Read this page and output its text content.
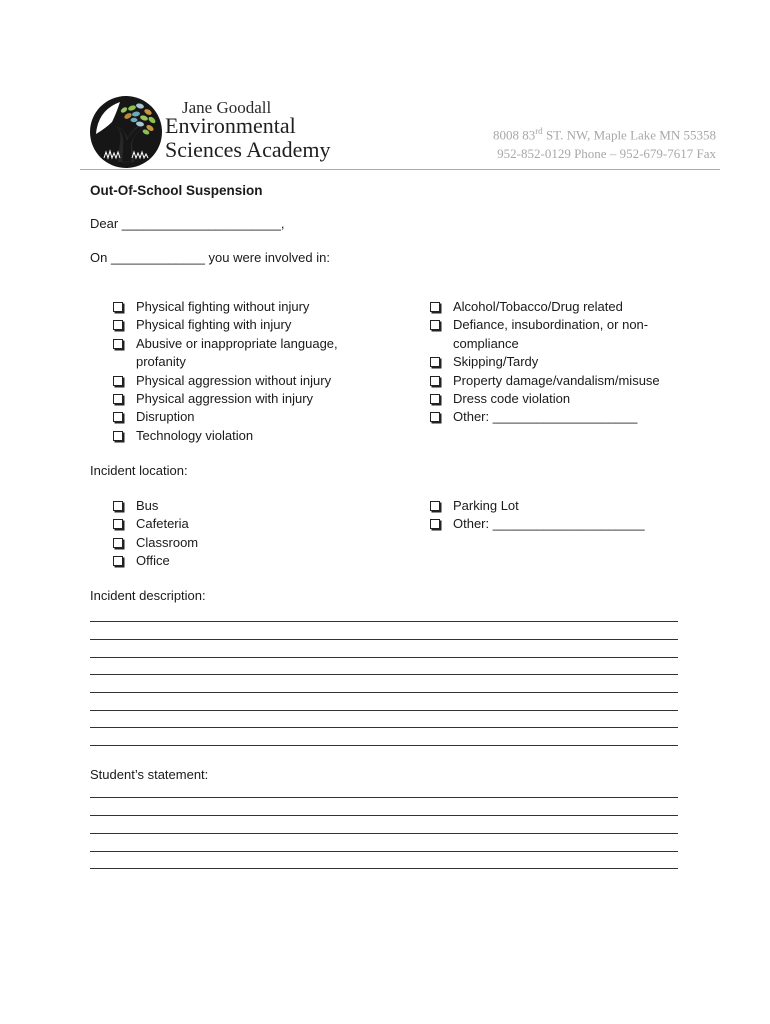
Jane Goodall
Environmental
Sciences Academy
8008 83rd ST. NW, Maple Lake MN 55358
952-852-0129 Phone – 952-679-7617 Fax
Out-Of-School Suspension
Dear ______________________,
On _____________ you were involved in:
Physical fighting without injury
Physical fighting with injury
Abusive or inappropriate language, profanity
Physical aggression without injury
Physical aggression with injury
Disruption
Technology violation
Alcohol/Tobacco/Drug related
Defiance, insubordination, or non-compliance
Skipping/Tardy
Property damage/vandalism/misuse
Dress code violation
Other: ____________________
Incident location:
Bus
Cafeteria
Classroom
Office
Parking Lot
Other: _____________________
Incident description:
Student’s statement:
